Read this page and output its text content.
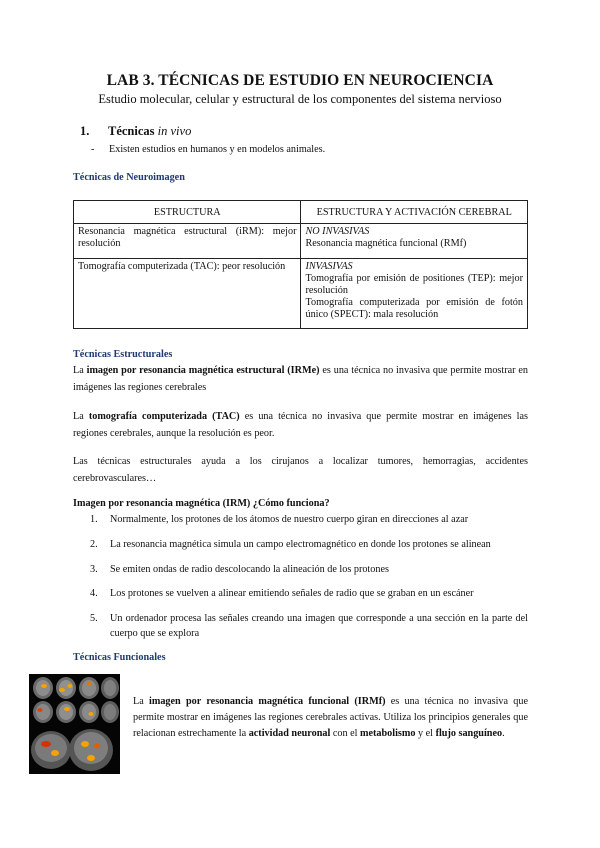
LAB 3. TÉCNICAS DE ESTUDIO EN NEUROCIENCIA
Estudio molecular, celular y estructural de los componentes del sistema nervioso
1. Técnicas in vivo
- Existen estudios en humanos y en modelos animales.
Técnicas de Neuroimagen
ESTRUCTURA	ESTRUCTURA Y ACTIVACIÓN CEREBRAL
Resonancia magnética estructural (iRM): mejor resolución	NO INVASIVAS
Resonancia magnética funcional (RMf)

Tomografía computerizada (TAC): peor resolución	INVASIVAS
Tomografía por emisión de positiones (TEP): mejor resolución
Tomografía computerizada por emisión de fotón único (SPECT): mala resolución
Técnicas Estructurales
La imagen por resonancia magnética estructural (IRMe) es una técnica no invasiva que permite mostrar en imágenes las regiones cerebrales
La tomografía computerizada (TAC) es una técnica no invasiva que permite mostrar en imágenes las regiones cerebrales, aunque la resolución es peor.
Las técnicas estructurales ayuda a los cirujanos a localizar tumores, hemorragias, accidentes cerebrovasculares…
Imagen por resonancia magnética (IRM) ¿Cómo funciona?
1. Normalmente, los protones de los átomos de nuestro cuerpo giran en direcciones al azar
2. La resonancia magnética simula un campo electromagnético en donde los protones se alinean
3. Se emiten ondas de radio descolocando la alineación de los protones
4. Los protones se vuelven a alinear emitiendo señales de radio que se graban en un escáner
5. Un ordenador procesa las señales creando una imagen que corresponde a una sección en la parte del cuerpo que se explora
Técnicas Funcionales
La imagen por resonancia magnética funcional (IRMf) es una técnica no invasiva que permite mostrar en imágenes las regiones cerebrales activas. Utiliza los principios generales que relacionan estrechamente la actividad neuronal con el metabolismo y el flujo sanguíneo.
